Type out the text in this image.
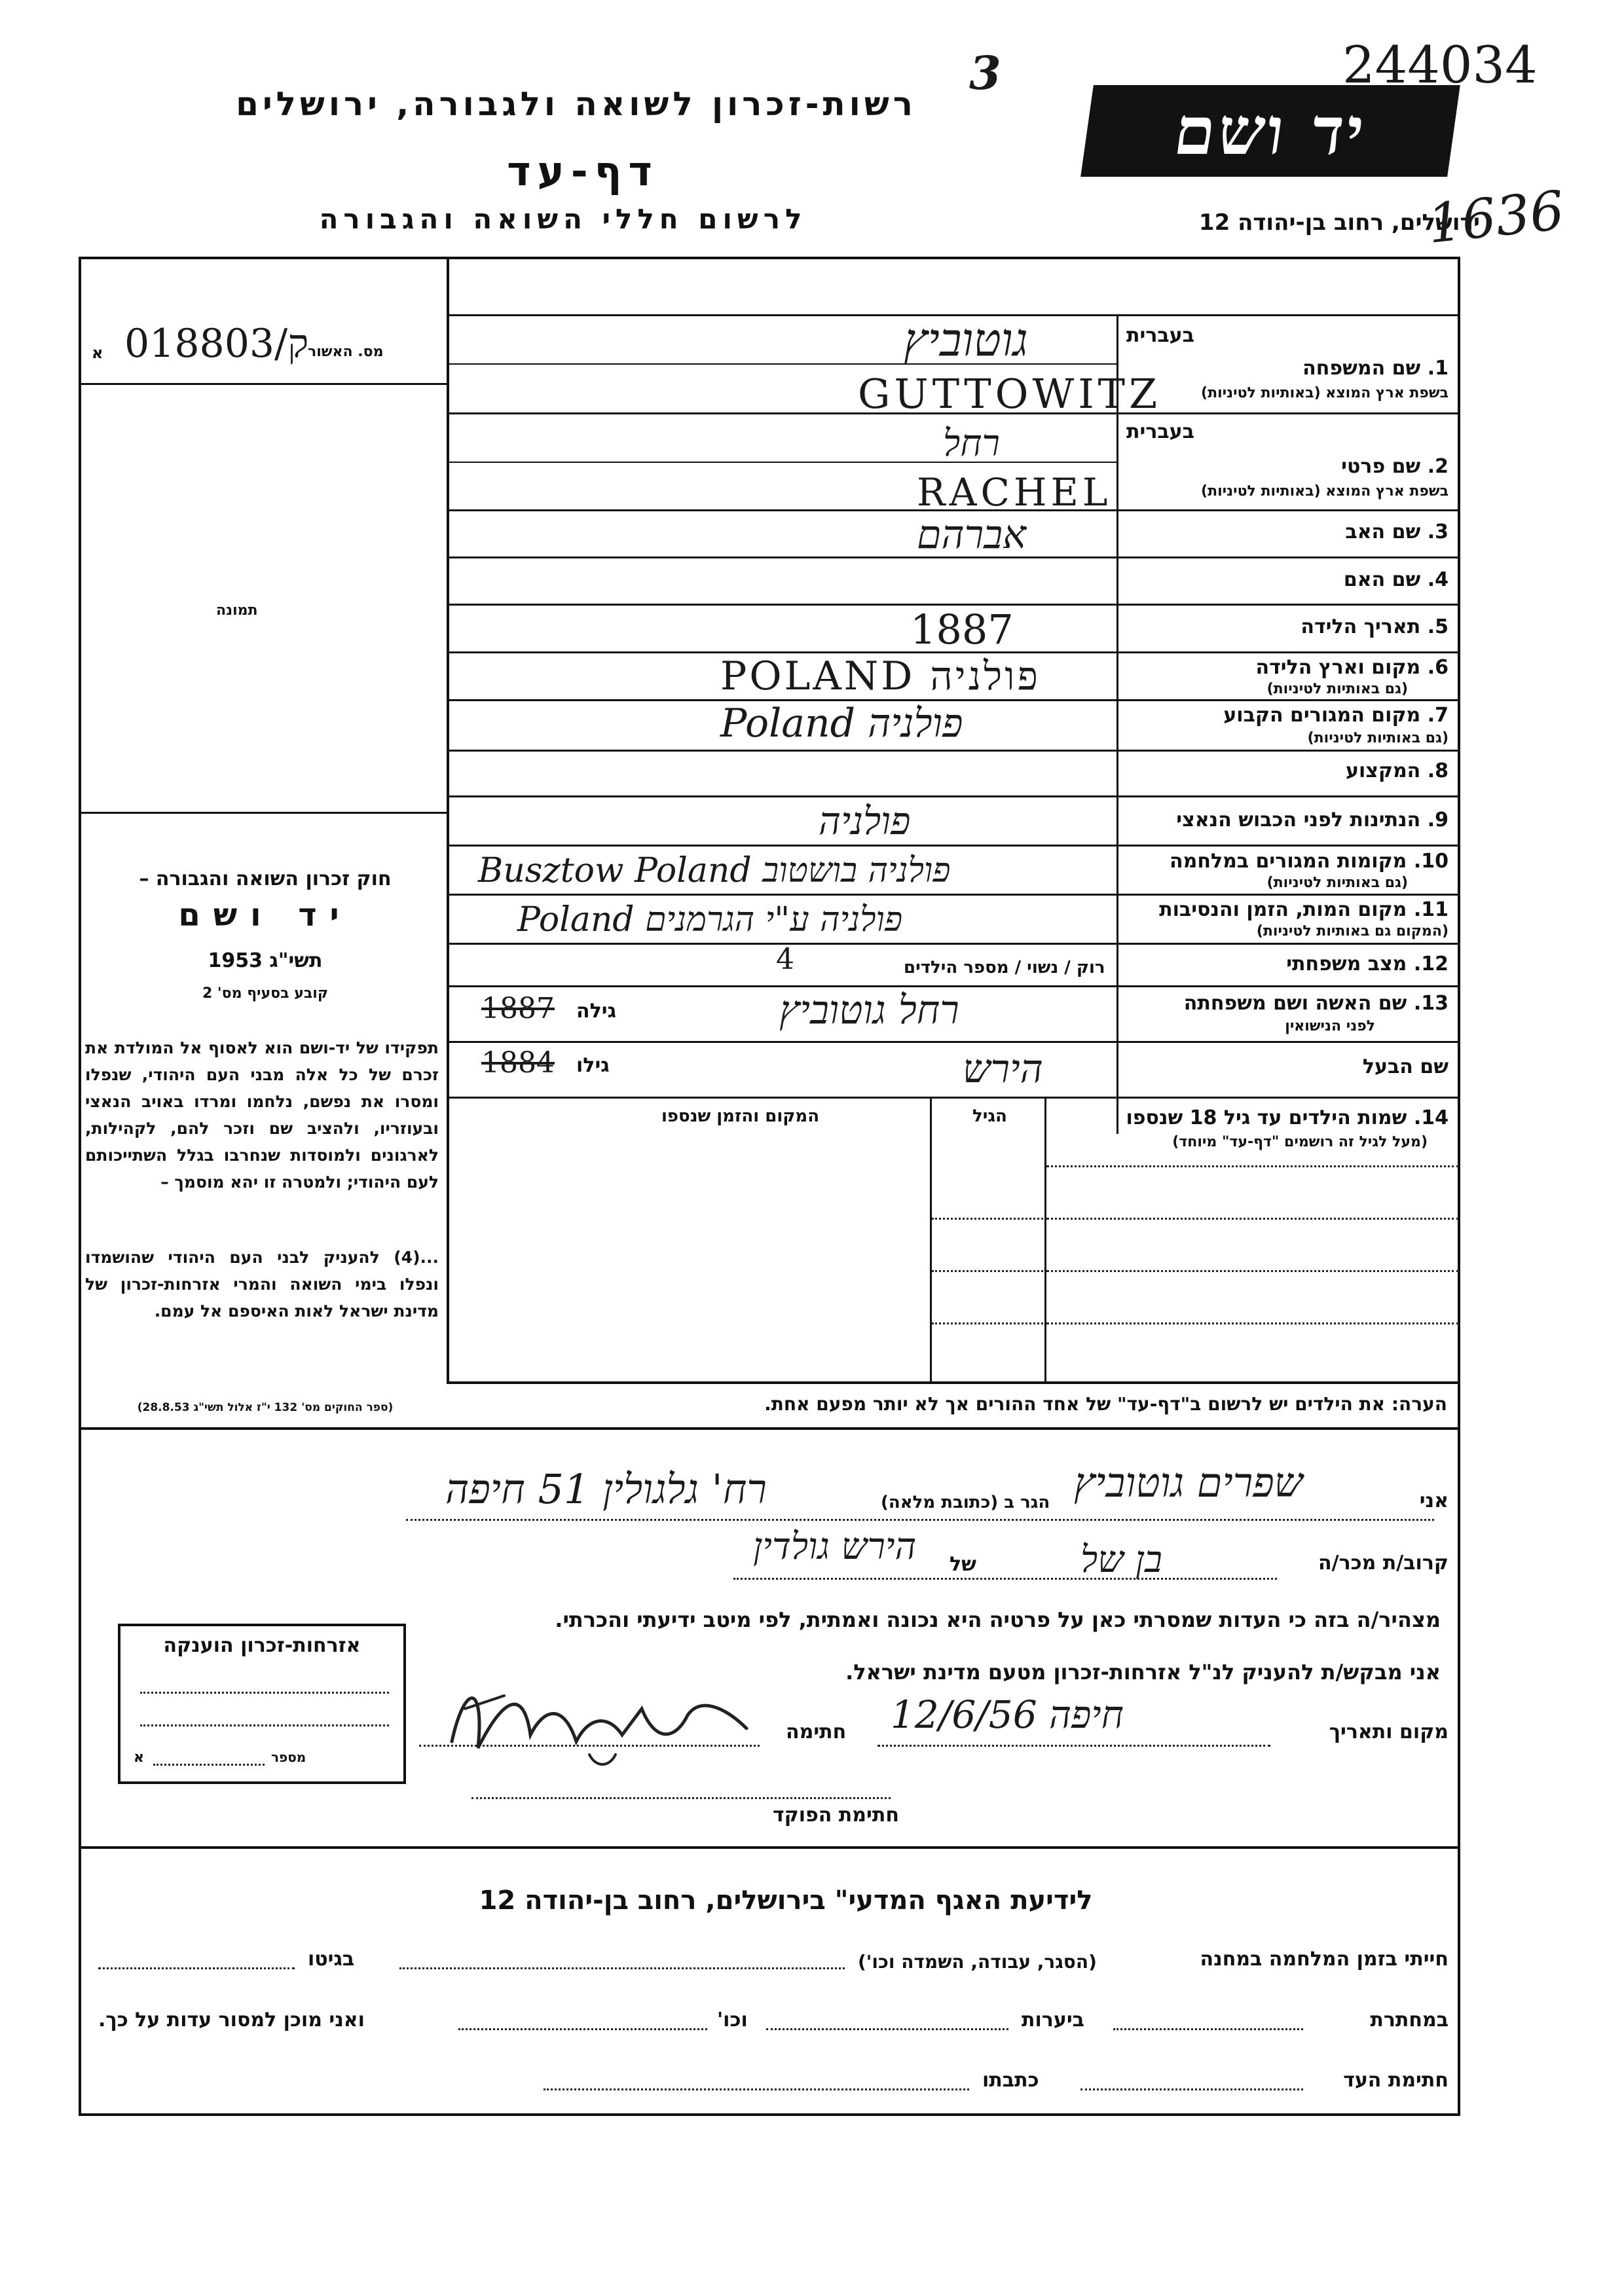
רשות-זכרון לשואה ולגבורה, ירושלים
3
דף-עד
לרשום חללי השואה והגבורה
יד ושם
ירושלים, רחוב בן-יהודה 12
244034
1636
מס. האשור
א 018803/ק
תמונה
חוק זכרון השואה והגבורה –
יד ושם
תשי"ג 1953
קובע בסעיף מס' 2
תפקידו של יד-ושם הוא לאסוף אל המולדת את זכרם של כל אלה מבני העם היהודי, שנפלו ומסרו את נפשם, נלחמו ומרדו באויב הנאצי ובעוזריו, ולהציב שם וזכר להם, לקהילות, לארגונים ולמוסדות שנחרבו בגלל השתייכותם לעם היהודי; ולמטרה זו יהא מוסמך –
...(4) להעניק לבני העם היהודי שהושמדו ונפלו בימי השואה והמרי אזרחות-זכרון של מדינת ישראל לאות האיספם אל עמם.
(ספר החוקים מס' 132 י"ז אלול תשי"ג 28.8.53)
בעברית
1. שם המשפחה
בשפת ארץ המוצא (באותיות לטיניות)
גוטוביץ
GUTTOWITZ
בעברית
2. שם פרטי
בשפת ארץ המוצא (באותיות לטיניות)
רחל
RACHEL
3. שם האב
אברהם
4. שם האם
5. תאריך הלידה
1887
6. מקום וארץ הלידה
(גם באותיות לטיניות)
POLAND פולניה
7. מקום המגורים הקבוע
(גם באותיות לטיניות)
Poland פולניה
8. המקצוע
9. הנתינות לפני הכבוש הנאצי
פולניה
10. מקומות המגורים במלחמה
(גם באותיות לטיניות)
Busztow Poland פולניה בושטוב
11. מקום המות, הזמן והנסיבות
(המקום גם באותיות לטיניות)
Poland פולניה ע"י הגרמנים
12. מצב משפחתי
רוק / נשוי / מספר הילדים
4
13. שם האשה ושם משפחתה
לפני הנישואין
גילה
1887	רחל גוטוביץ
שם הבעל
גילו
1884	הירש
14. שמות הילדים עד גיל 18 שנספו
(מעל לגיל זה רושמים "דף-עד" מיוחד)
הגיל
המקום והזמן שנספו
הערה: את הילדים יש לרשום ב"דף-עד" של אחד ההורים אך לא יותר מפעם אחת.
אני
שפרים גוטוביץ
הגר ב (כתובת מלאה)
רח' גלגולין 51 חיפה
קרוב/ת מכר/ה
בן של
של
הירש גולדין
מצהיר/ה בזה כי העדות שמסרתי כאן על פרטיה היא נכונה ואמתית, לפי מיטב ידיעתי והכרתי.
אני מבקש/ת להעניק לנ"ל אזרחות-זכרון מטעם מדינת ישראל.
מקום ותאריך
חיפה 12/6/56
חתימה
חתימת הפוקד
אזרחות-זכרון הוענקה
מספר
א
לידיעת האגף המדעי" בירושלים, רחוב בן-יהודה 12
חייתי בזמן המלחמה במחנה
(הסגר, עבודה, השמדה וכו')
בגיטו
במחתרת
ביערות
וכו'
ואני מוכן למסור עדות על כך.
חתימת העד
כתבתו
